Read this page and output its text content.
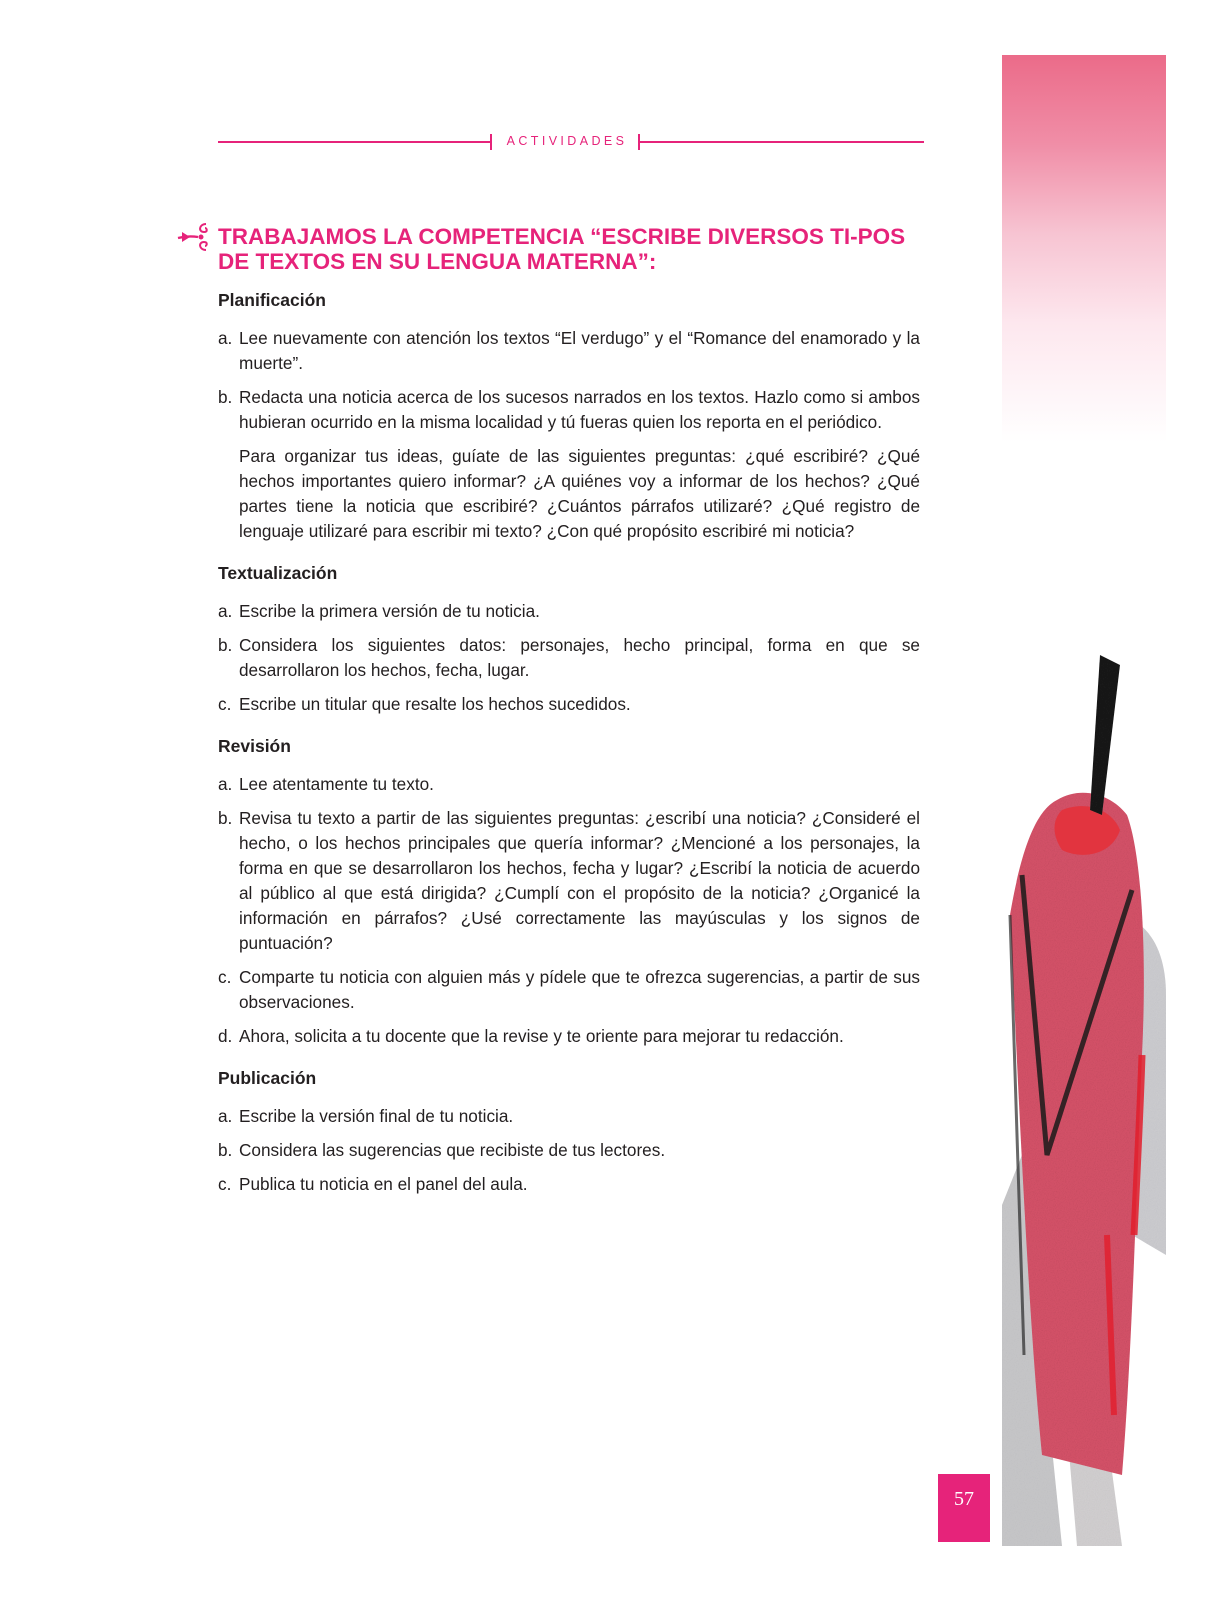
ACTIVIDADES
TRABAJAMOS LA COMPETENCIA “ESCRIBE DIVERSOS TI-POS DE TEXTOS EN SU LENGUA MATERNA”:
Planificación
a. Lee nuevamente con atención los textos “El verdugo” y el “Romance del enamorado y la muerte”.
b. Redacta una noticia acerca de los sucesos narrados en los textos. Hazlo como si ambos hubieran ocurrido en la misma localidad y tú fueras quien los reporta en el periódico.
Para organizar tus ideas, guíate de las siguientes preguntas: ¿qué escribiré? ¿Qué hechos importantes quiero informar? ¿A quiénes voy a informar de los hechos? ¿Qué partes tiene la noticia que escribiré? ¿Cuántos párrafos utilizaré? ¿Qué registro de lenguaje utilizaré para escribir mi texto? ¿Con qué propósito escribiré mi noticia?
Textualización
a. Escribe la primera versión de tu noticia.
b. Considera los siguientes datos: personajes, hecho principal, forma en que se desarrollaron los hechos, fecha, lugar.
c. Escribe un titular que resalte los hechos sucedidos.
Revisión
a. Lee atentamente tu texto.
b. Revisa tu texto a partir de las siguientes preguntas: ¿escribí una noticia? ¿Consideré el hecho, o los hechos principales que quería informar? ¿Mencioné a los personajes, la forma en que se desarrollaron los hechos, fecha y lugar? ¿Escribí la noticia de acuerdo al público al que está dirigida? ¿Cumplí con el propósito de la noticia? ¿Organicé la información en párrafos? ¿Usé correctamente las mayúsculas y los signos de puntuación?
c. Comparte tu noticia con alguien más y pídele que te ofrezca sugerencias, a partir de sus observaciones.
d. Ahora, solicita a tu docente que la revise y te oriente para mejorar tu redacción.
Publicación
a. Escribe la versión final de tu noticia.
b. Considera las sugerencias que recibiste de tus lectores.
c. Publica tu noticia en el panel del aula.
57
